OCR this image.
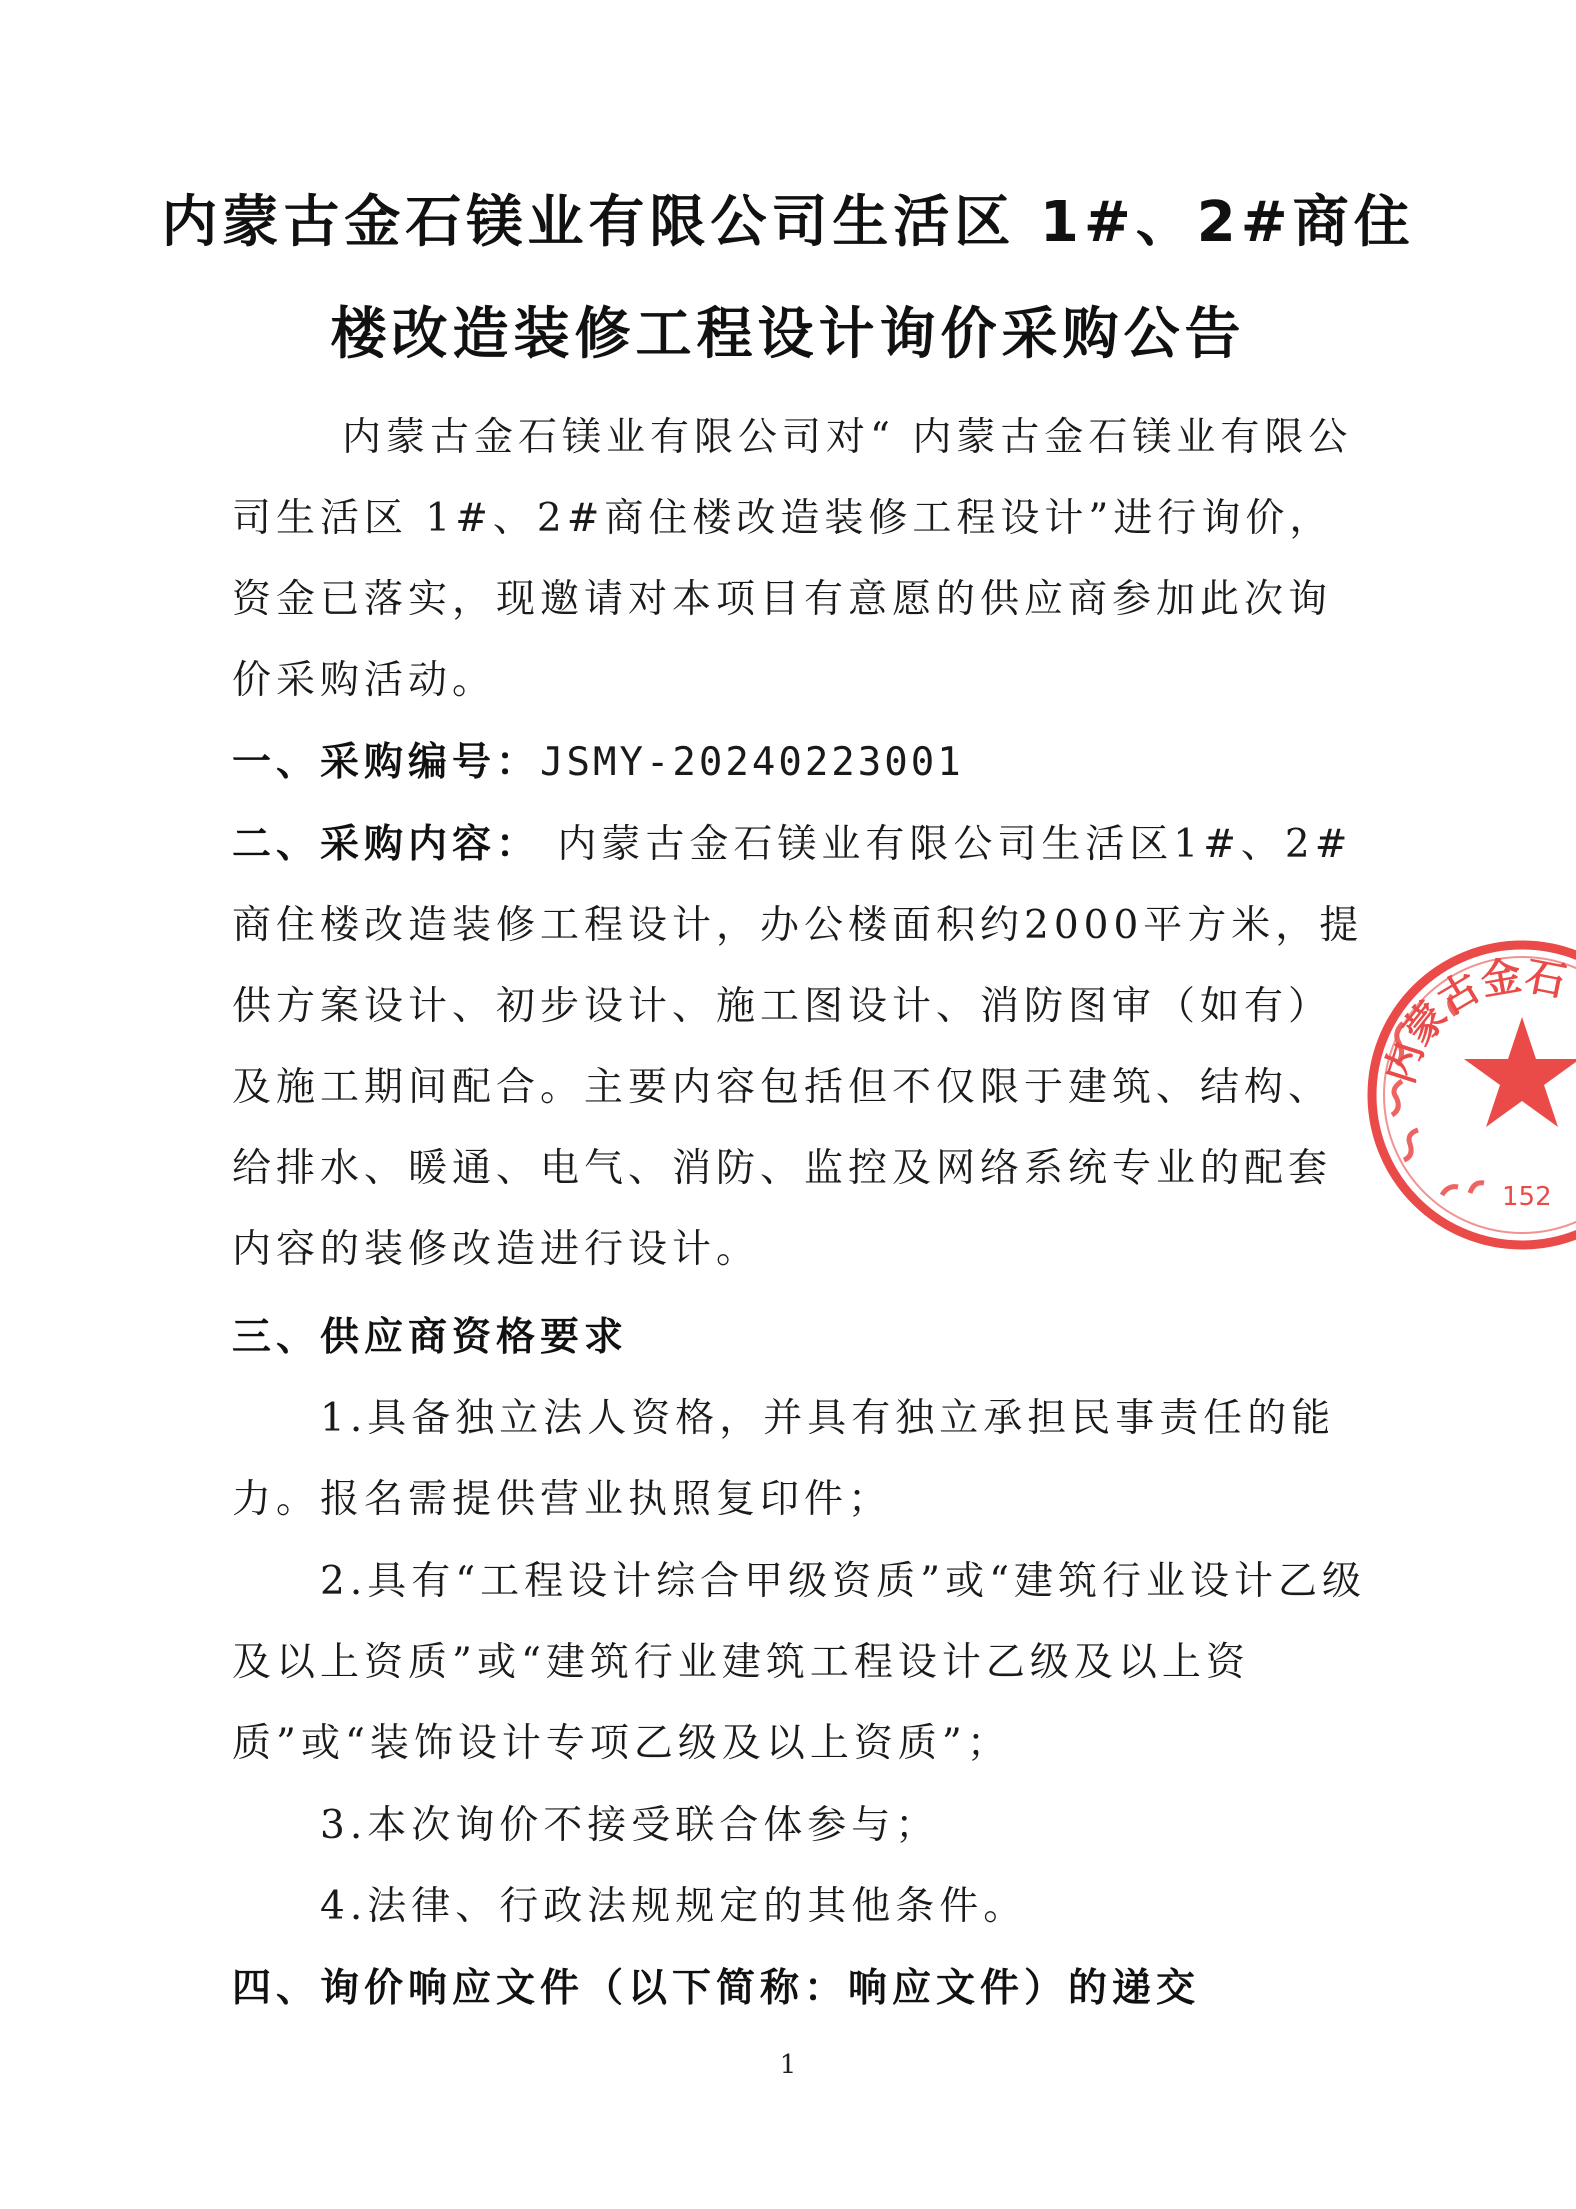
内蒙古金石镁业有限公司生活区 1#、2#商住
楼改造装修工程设计询价采购公告
内蒙古金石镁业有限公司对“ 内蒙古金石镁业有限公司生活区 1#、2#商住楼改造装修工程设计”进行询价，资金已落实，现邀请对本项目有意愿的供应商参加此次询价采购活动。
一、采购编号：JSMY-20240223001
二、采购内容： 内蒙古金石镁业有限公司生活区1#、2#商住楼改造装修工程设计，办公楼面积约2000平方米，提供方案设计、初步设计、施工图设计、消防图审（如有）及施工期间配合。主要内容包括但不仅限于建筑、结构、给排水、暖通、电气、消防、监控及网络系统专业的配套内容的装修改造进行设计。
三、供应商资格要求
1.具备独立法人资格，并具有独立承担民事责任的能力。报名需提供营业执照复印件；
2.具有“工程设计综合甲级资质”或“建筑行业设计乙级及以上资质”或“建筑行业建筑工程设计乙级及以上资质”或“装饰设计专项乙级及以上资质”；
3.本次询价不接受联合体参与；
4.法律、行政法规规定的其他条件。
四、询价响应文件（以下简称：响应文件）的递交
1
内蒙古金石
152
